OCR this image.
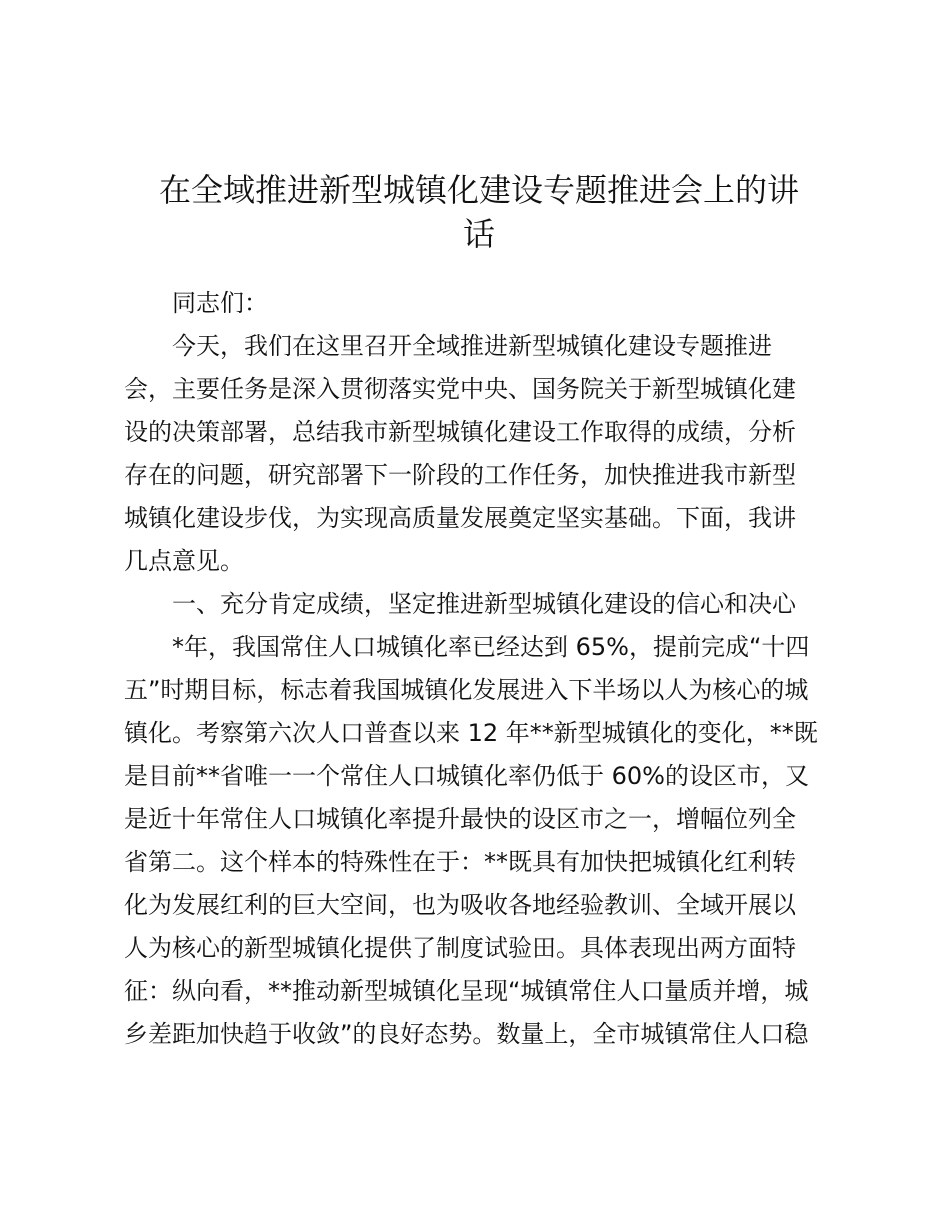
在全域推进新型城镇化建设专题推进会上的讲
话
同志们：
今天，我们在这里召开全域推进新型城镇化建设专题推进
会，主要任务是深入贯彻落实党中央、国务院关于新型城镇化建
设的决策部署，总结我市新型城镇化建设工作取得的成绩，分析
存在的问题，研究部署下一阶段的工作任务，加快推进我市新型
城镇化建设步伐，为实现高质量发展奠定坚实基础。下面，我讲
几点意见。
一、充分肯定成绩，坚定推进新型城镇化建设的信心和决心
*年，我国常住人口城镇化率已经达到 65%，提前完成“十四
五”时期目标，标志着我国城镇化发展进入下半场以人为核心的城
镇化。考察第六次人口普查以来 12 年**新型城镇化的变化，**既
是目前**省唯一一个常住人口城镇化率仍低于 60%的设区市，又
是近十年常住人口城镇化率提升最快的设区市之一，增幅位列全
省第二。这个样本的特殊性在于：**既具有加快把城镇化红利转
化为发展红利的巨大空间，也为吸收各地经验教训、全域开展以
人为核心的新型城镇化提供了制度试验田。具体表现出两方面特
征：纵向看，**推动新型城镇化呈现“城镇常住人口量质并增，城
乡差距加快趋于收敛”的良好态势。数量上，全市城镇常住人口稳
